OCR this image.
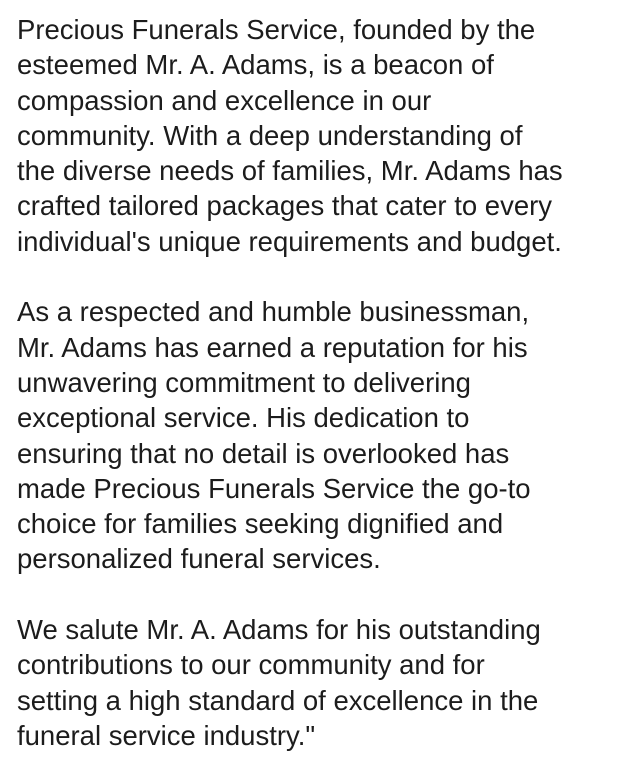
Precious Funerals Service, founded by the
esteemed Mr. A. Adams, is a beacon of
compassion and excellence in our
community. With a deep understanding of
the diverse needs of families, Mr. Adams has
crafted tailored packages that cater to every
individual's unique requirements and budget.
As a respected and humble businessman,
Mr. Adams has earned a reputation for his
unwavering commitment to delivering
exceptional service. His dedication to
ensuring that no detail is overlooked has
made Precious Funerals Service the go-to
choice for families seeking dignified and
personalized funeral services.
We salute Mr. A. Adams for his outstanding
contributions to our community and for
setting a high standard of excellence in the
funeral service industry."
